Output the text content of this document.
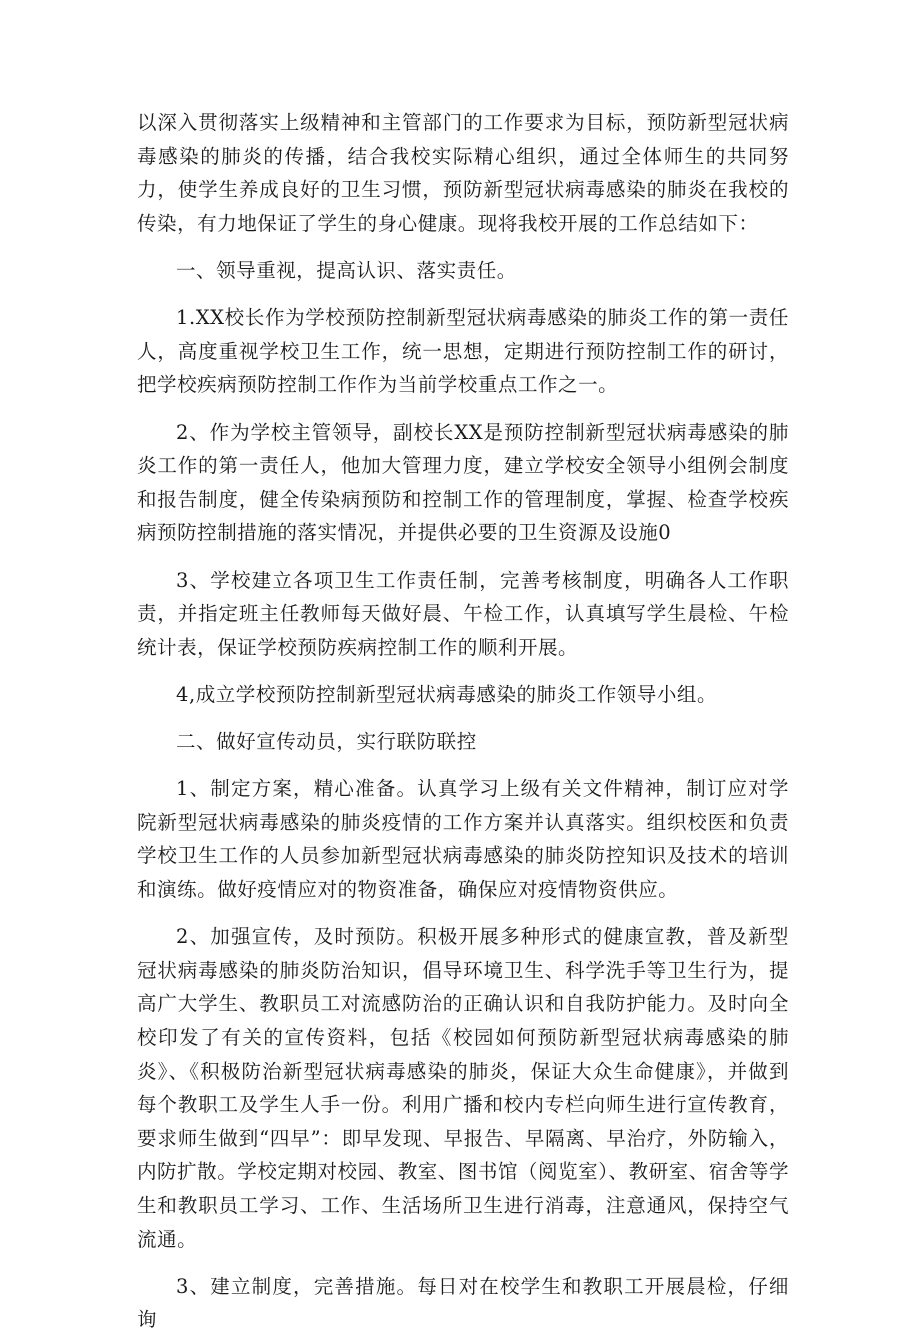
以深入贯彻落实上级精神和主管部门的工作要求为目标，预防新型冠状病毒感染的肺炎的传播，结合我校实际精心组织，通过全体师生的共同努力，使学生养成良好的卫生习惯，预防新型冠状病毒感染的肺炎在我校的传染，有力地保证了学生的身心健康。现将我校开展的工作总结如下：

一、领导重视，提高认识、落实责任。

1.XX校长作为学校预防控制新型冠状病毒感染的肺炎工作的第一责任人，高度重视学校卫生工作，统一思想，定期进行预防控制工作的研讨，把学校疾病预防控制工作作为当前学校重点工作之一。

2、作为学校主管领导，副校长XX是预防控制新型冠状病毒感染的肺炎工作的第一责任人，他加大管理力度，建立学校安全领导小组例会制度和报告制度，健全传染病预防和控制工作的管理制度，掌握、检查学校疾病预防控制措施的落实情况，并提供必要的卫生资源及设施0

3、学校建立各项卫生工作责任制，完善考核制度，明确各人工作职责，并指定班主任教师每天做好晨、午检工作，认真填写学生晨检、午检统计表，保证学校预防疾病控制工作的顺利开展。

4,成立学校预防控制新型冠状病毒感染的肺炎工作领导小组。

二、做好宣传动员，实行联防联控

1、制定方案，精心准备。认真学习上级有关文件精神，制订应对学院新型冠状病毒感染的肺炎疫情的工作方案并认真落实。组织校医和负责学校卫生工作的人员参加新型冠状病毒感染的肺炎防控知识及技术的培训和演练。做好疫情应对的物资准备，确保应对疫情物资供应。

2、加强宣传，及时预防。积极开展多种形式的健康宣教，普及新型冠状病毒感染的肺炎防治知识，倡导环境卫生、科学洗手等卫生行为，提高广大学生、教职员工对流感防治的正确认识和自我防护能力。及时向全校印发了有关的宣传资料，包括《校园如何预防新型冠状病毒感染的肺炎》、《积极防治新型冠状病毒感染的肺炎，保证大众生命健康》，并做到每个教职工及学生人手一份。利用广播和校内专栏向师生进行宣传教育，要求师生做到“四早”：即早发现、早报告、早隔离、早治疗，外防输入，内防扩散。学校定期对校园、教室、图书馆（阅览室）、教研室、宿舍等学生和教职员工学习、工作、生活场所卫生进行消毒，注意通风，保持空气流通。

3、建立制度，完善措施。每日对在校学生和教职工开展晨检，仔细询
